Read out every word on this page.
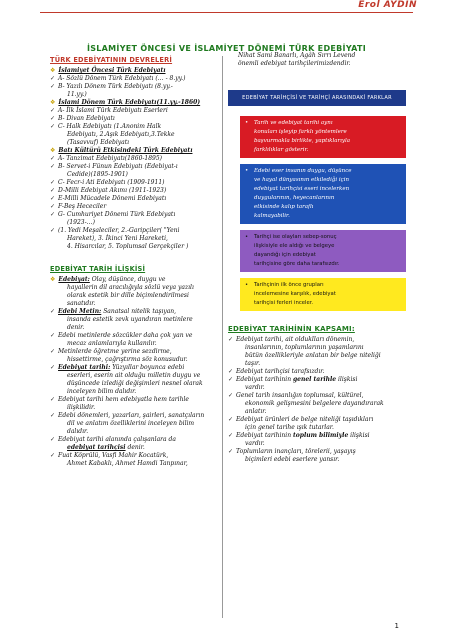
Erol AYDIN
İSLAMİYET ÖNCESİ VE İSLAMİYET DÖNEMİ TÜRK EDEBİYATI
TÜRK EDEBİYATININ DEVRELERİ
❖ İslamiyet Öncesi Türk Edebiyatı
✓ A- Sözlü Dönem Türk Edebiyatı (… - 8.yy.)
✓ B- Yazılı Dönem Türk Edebiyatı (8.yy.-
11.yy.)
❖ İslami Dönem Türk Edebiyatı(11.yy.-1860)
✓ A- İlk İslami Türk Edebiyatı Eserleri
✓ B- Divan Edebiyatı
✓ C- Halk Edebiyatı (1.Anonim Halk
Edebiyatı, 2.Aşık Edebiyatı,3.Tekke
(Tasavvuf) Edebiyatı
❖ Batı Kültürü Etkisindeki Türk Edebiyatı
✓ A- Tanzimat Edebiyatı(1860-1895)
✓ B- Servet-i Fünun Edebiyatı (Edebiyat-ı
Cedide)(1895-1901)
✓ C- Fecr-i Ati Edebiyatı (1909-1911)
✓ D-Milli Edebiyat Akımı (1911-1923)
✓ E-Milli Mücadele Dönemi Edebiyatı
✓ F-Beş Hececiler
✓ G- Cumhuriyet Dönemi Türk Edebiyatı
(1923-…)
✓ (1. Yedi Meşaleciler, 2.-Garipçiler( "Yeni
Hareket), 3. İkinci Yeni Hareketi,
4. Hisarcılar, 5. Toplumsal Gerçekçiler )
EDEBİYAT TARİH İLİŞKİSİ
❖ Edebiyat: Olay, düşünce, duygu ve
hayallerin dil aracılığıyla sözlü veya yazılı
olarak estetik bir dille biçimlendirilmesi
sanatıdır.
✓ Edebi Metin: Sanatsal nitelik taşıyan,
insanda estetik zevk uyandıran metinlere
denir.
✓ Edebi metinlerde sözcükler daha çok yan ve
mecaz anlamlarıyla kullanılır.
✓ Metinlerde öğretme yerine sezdirme,
hissettirme, çağrıştırma söz konusudur.
✓ Edebiyat tarihi: Yüzyıllar boyunca edebi
eserleri, eserin ait olduğu milletin duygu ve
düşüncede izlediği değişimleri nesnel olarak
inceleyen bilim dalıdır.
✓ Edebiyat tarihi hem edebiyatla hem tarihle
ilişkilidir.
✓ Edebi dönemleri, yazarları, şairleri, sanatçıların
dil ve anlatım özelliklerini inceleyen bilim
dalıdır.
✓ Edebiyat tarihi alanında çalışanlara da
edebiyat tarihçisi denir.
✓ Fuat Köprülü, Vasfi Mahir Kocatürk,
Ahmet Kabaklı, Ahmet Hamdi Tanpınar,
Nihat Sami Banarlı, Agâh Sırrı Levend
önemli edebiyat tarihçilerimizdendir.
EDEBİYAT TARİHÇİSİ VE TARİHÇİ ARASINDAKİ FARKLAR
• Tarih ve edebiyat tarihi aynı
konuları işleyip farklı yöntemlere
başvurmakla birlikte, yaptıklarıyla
farklılıklar gösterir.
• Edebi eser insanın duygu, düşünce
ve hayal dünyasının etkilediği için
edebiyat tarihçisi eseri incelerken
duygularının, heyecanlarının
etkisinde kalıp taraflı
kalmayabilir.
• Tarihçi ise olayları sebep-sonuç
ilişkisiyle ele aldığı ve belgeye
dayandığı için edebiyat
tarihçisine göre daha tarafsızdır.
• Tarihçinin ilk önce grupları
incelemesine karşılık, edebiyat
tarihçisi ferleri inceler.
EDEBİYAT TARİHİNİN KAPSAMI:
✓ Edebiyat tarihi, ait olduklları dönemin,
insanlarının, toplumlarının yaşamlarını
bütün özellikleriyle anlatan bir belge niteliği
taşır.
✓ Edebiyat tarihçisi tarafsızdır.
✓ Edebiyat tarihinin genel tarihle ilişkisi
vardır.
✓ Genel tarih insanlığın toplumsal, kültürel,
ekonomik gelişmesini belgelere dayandırarak
anlatır.
✓ Edebiyat ürünleri de belge niteliği taşıdıkları
için genel tarihe ışık tutarlar.
✓ Edebiyat tarihinin toplum bilimiyle ilişkisi
vardır.
✓ Toplumların inançları, törelerii, yaşayış
biçimleri edebi eserlere yansır.
1
